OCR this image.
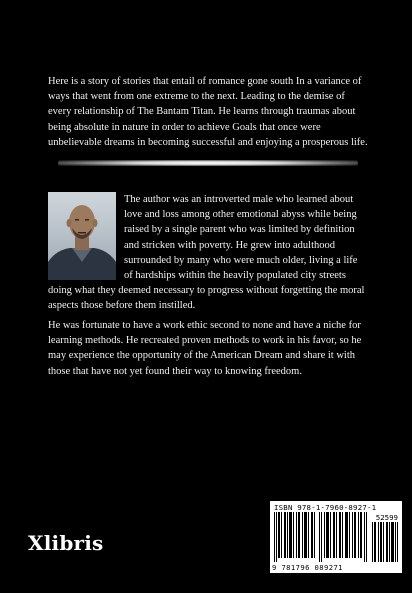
Here is a story of stories that entail of romance gone south In a variance of ways that went from one extreme to the next. Leading to the demise of every relationship of The Bantam Titan. He learns through traumas about being absolute in nature in order to achieve Goals that once were unbelievable dreams in becoming successful and enjoying a prosperous life.

The author was an introverted male who learned about love and loss among other emotional abyss while being raised by a single parent who was limited by definition and stricken with poverty. He grew into adulthood surrounded by many who were much older, living a life of hardships within the heavily populated city streets doing what they deemed necessary to progress without forgetting the moral aspects those before them instilled.

He was fortunate to have a work ethic second to none and have a niche for learning methods. He recreated proven methods to work in his favor, so he may experience the opportunity of the American Dream and share it with those that have not yet found their way to knowing freedom.

Xlibris
ISBN 978-1-7960-8927-1
52599
9 781796 089271
